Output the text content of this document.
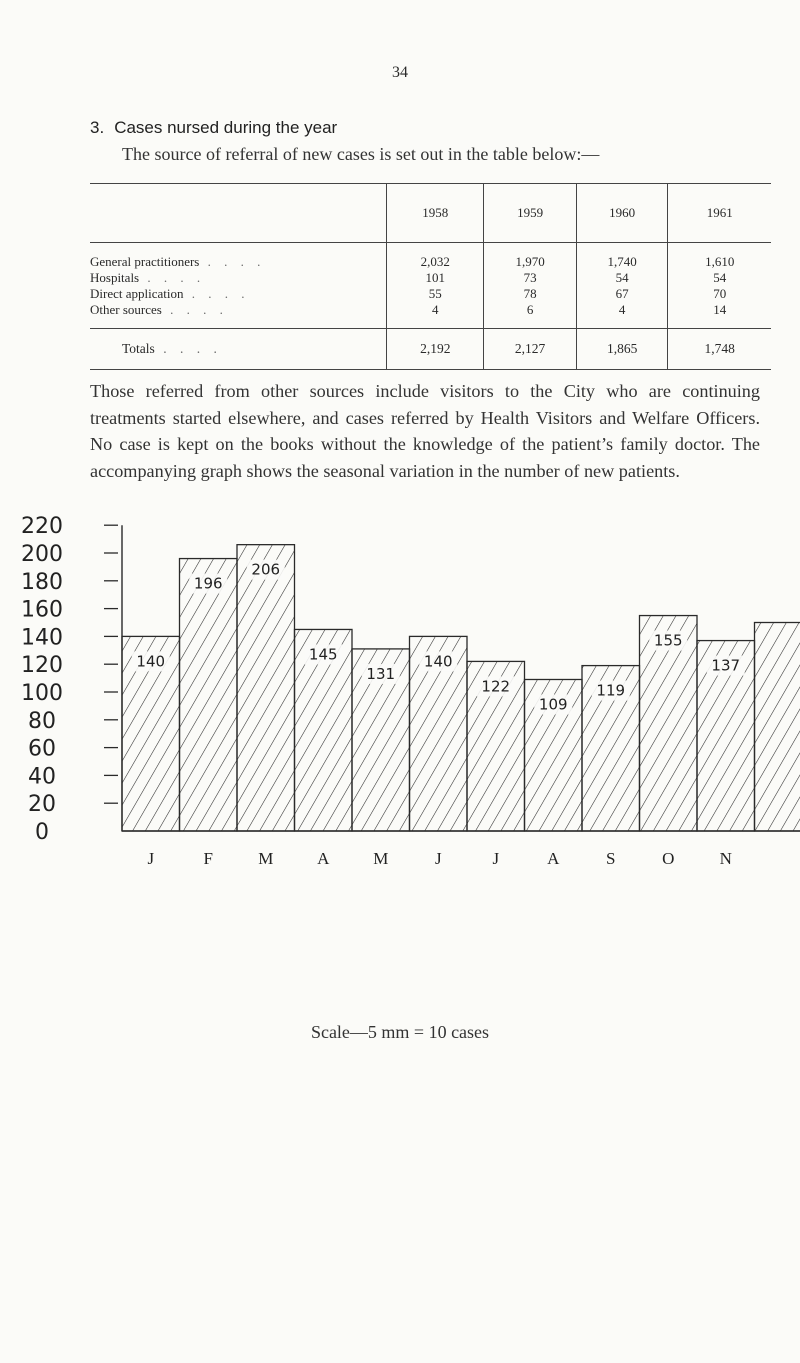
34
3. Cases nursed during the year
The source of referral of new cases is set out in the table below:—
	1958	1959	1960	1961
General practitioners . . . .	2,032	1,970	1,740	1,610
Hospitals . . . .	101	73	54	54
Direct application . . . .	55	78	67	70
Other sources . . . .	4	6	4	14
Totals . . . .	2,192	2,127	1,865	1,748
Those referred from other sources include visitors to the City who are continuing treatments started elsewhere, and cases referred by Health Visitors and Welfare Officers. No case is kept on the books without the knowledge of the patient’s family doctor. The accompanying graph shows the seasonal variation in the number of new patients.
0
20
40
60
80
100
120
140
160
180
200
220
140
196
206
145
131
140
122
109
119
155
137
J	F	M	A	M	J	J	A	S	O	N
Scale—5 mm = 10 cases
